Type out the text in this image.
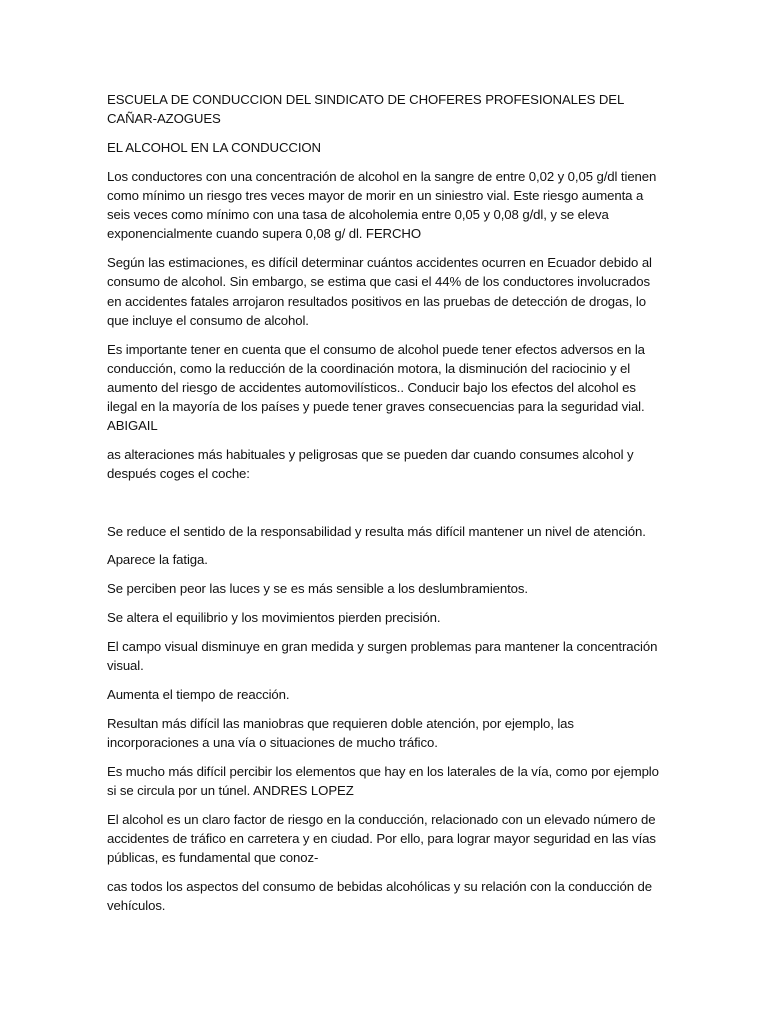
ESCUELA DE CONDUCCION DEL SINDICATO DE CHOFERES PROFESIONALES DEL CAÑAR-AZOGUES

EL ALCOHOL EN LA CONDUCCION

Los conductores con una concentración de alcohol en la sangre de entre 0,02 y 0,05 g/dl tienen como mínimo un riesgo tres veces mayor de morir en un siniestro vial. Este riesgo aumenta a seis veces como mínimo con una tasa de alcoholemia entre 0,05 y 0,08 g/dl, y se eleva exponencialmente cuando supera 0,08 g/ dl. FERCHO

Según las estimaciones, es difícil determinar cuántos accidentes ocurren en Ecuador debido al consumo de alcohol. Sin embargo, se estima que casi el 44% de los conductores involucrados en accidentes fatales arrojaron resultados positivos en las pruebas de detección de drogas, lo que incluye el consumo de alcohol.

Es importante tener en cuenta que el consumo de alcohol puede tener efectos adversos en la conducción, como la reducción de la coordinación motora, la disminución del raciocinio y el aumento del riesgo de accidentes automovilísticos.. Conducir bajo los efectos del alcohol es ilegal en la mayoría de los países y puede tener graves consecuencias para la seguridad vial. ABIGAIL

as alteraciones más habituales y peligrosas que se pueden dar cuando consumes alcohol y después coges el coche:

Se reduce el sentido de la responsabilidad y resulta más difícil mantener un nivel de atención.

Aparece la fatiga.

Se perciben peor las luces y se es más sensible a los deslumbramientos.

Se altera el equilibrio y los movimientos pierden precisión.

El campo visual disminuye en gran medida y surgen problemas para mantener la concentración visual.

Aumenta el tiempo de reacción.

Resultan más difícil las maniobras que requieren doble atención, por ejemplo, las incorporaciones a una vía o situaciones de mucho tráfico.

Es mucho más difícil percibir los elementos que hay en los laterales de la vía, como por ejemplo si se circula por un túnel. ANDRES LOPEZ

El alcohol es un claro factor de riesgo en la conducción, relacionado con un elevado número de accidentes de tráfico en carretera y en ciudad. Por ello, para lograr mayor seguridad en las vías públicas, es fundamental que conoz-

cas todos los aspectos del consumo de bebidas alcohólicas y su relación con la conducción de vehículos.
